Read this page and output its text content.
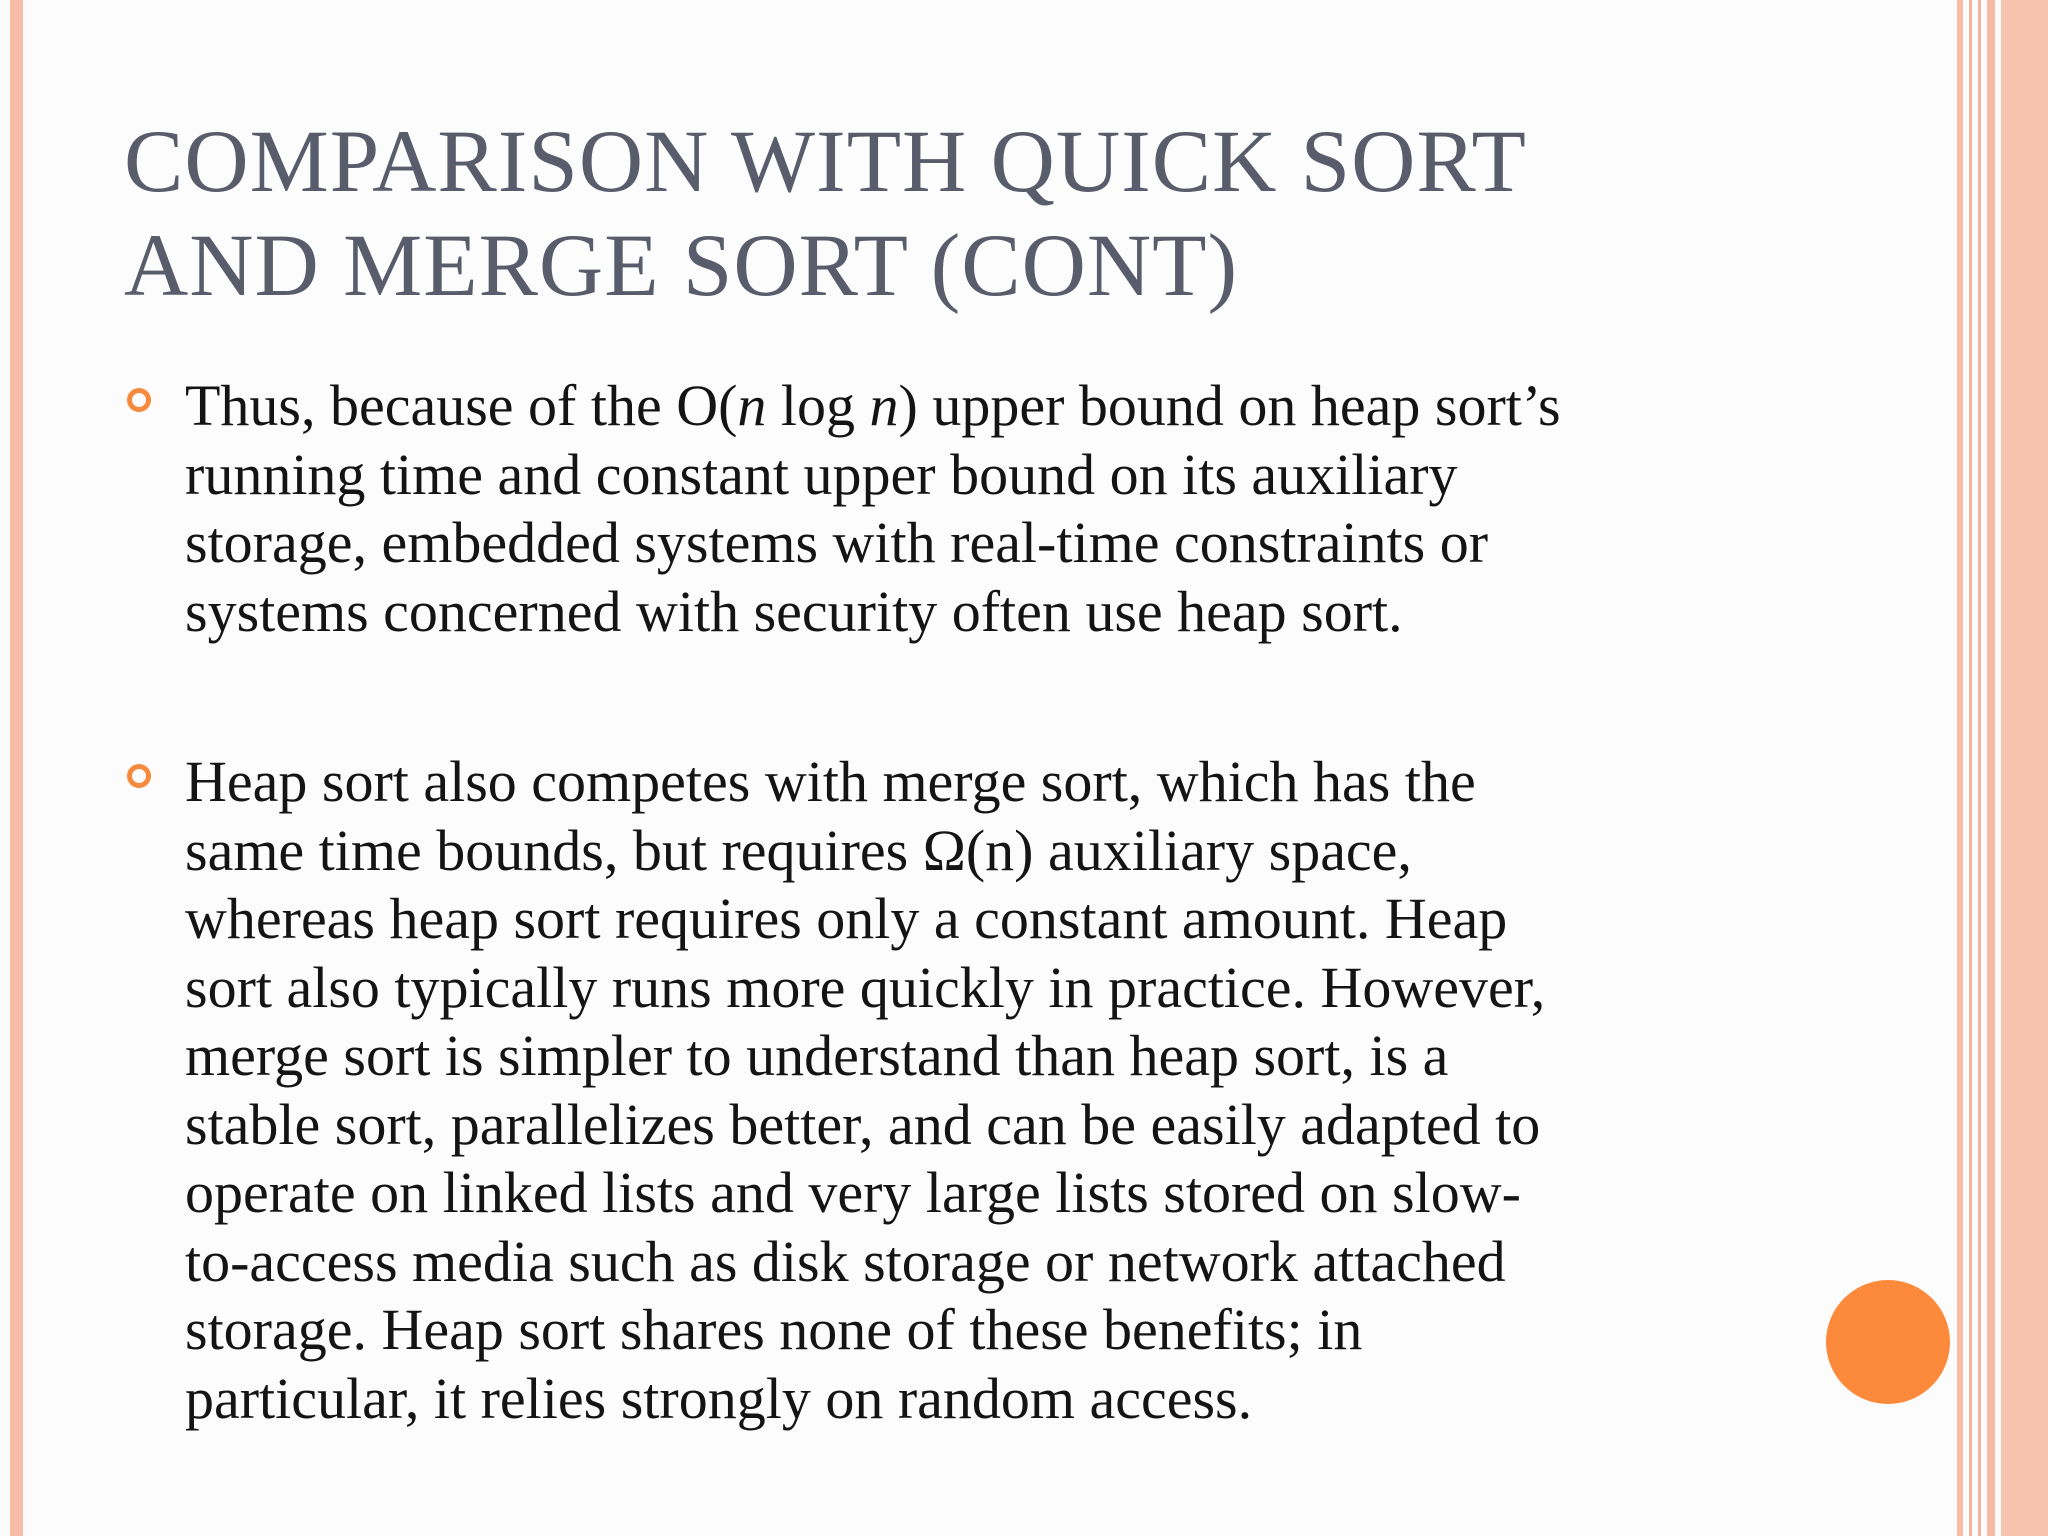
COMPARISON WITH QUICK SORT
AND MERGE SORT (CONT)

Thus, because of the O(n log n) upper bound on heap sort’s
running time and constant upper bound on its auxiliary
storage, embedded systems with real-time constraints or
systems concerned with security often use heap sort.

Heap sort also competes with merge sort, which has the
same time bounds, but requires Ω(n) auxiliary space,
whereas heap sort requires only a constant amount. Heap
sort also typically runs more quickly in practice. However,
merge sort is simpler to understand than heap sort, is a
stable sort, parallelizes better, and can be easily adapted to
operate on linked lists and very large lists stored on slow-
to-access media such as disk storage or network attached
storage. Heap sort shares none of these benefits; in
particular, it relies strongly on random access.
